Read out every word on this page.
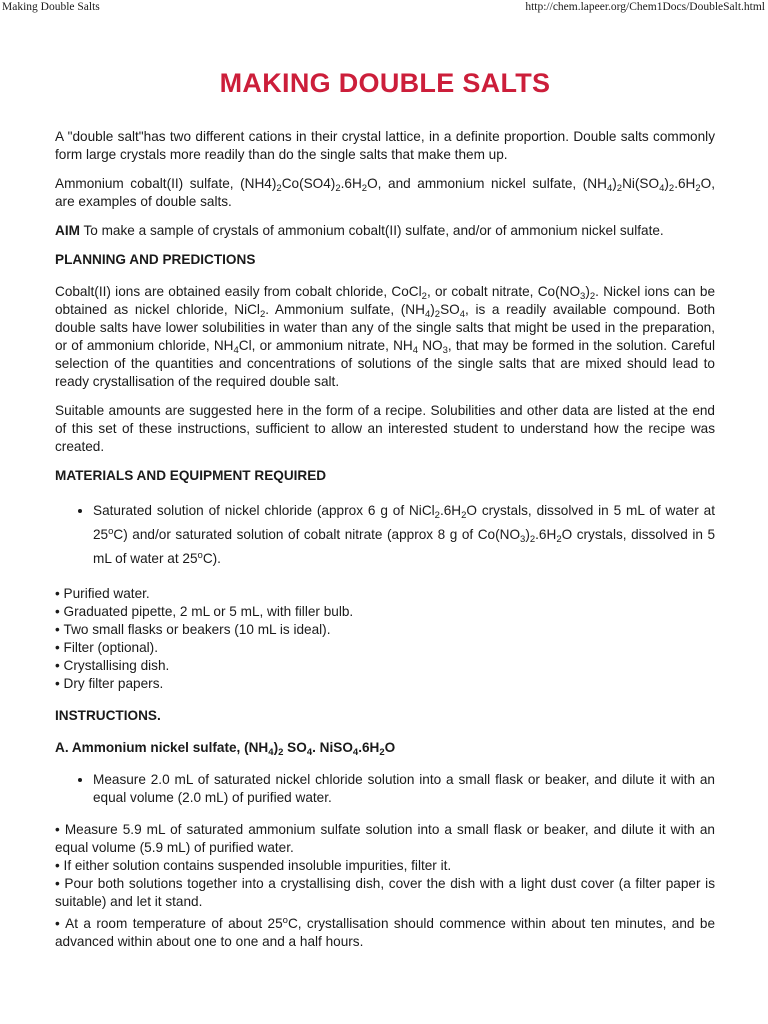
Making Double Salts	http://chem.lapeer.org/Chem1Docs/DoubleSalt.html
MAKING DOUBLE SALTS

A "double salt"has two different cations in their crystal lattice, in a definite proportion. Double salts commonly form large crystals more readily than do the single salts that make them up.

Ammonium cobalt(II) sulfate, $(NH4)_2Co(SO4)_2.6H_2O$, and ammonium nickel sulfate, $(NH_4)_2Ni(SO_4)_2.6H_2O$, are examples of double salts.

AIM To make a sample of crystals of ammonium cobalt(II) sulfate, and/or of ammonium nickel sulfate.

PLANNING AND PREDICTIONS

Cobalt(II) ions are obtained easily from cobalt chloride, CoCl$_2$, or cobalt nitrate, $Co(NO_3)_2$. Nickel ions can be obtained as nickel chloride, NiCl$_2$. Ammonium sulfate, $(NH_4)_2SO_4$, is a readily available compound. Both double salts have lower solubilities in water than any of the single salts that might be used in the preparation, or of ammonium chloride, $NH_4Cl$, or ammonium nitrate, $NH_4$ $NO_3$, that may be formed in the solution. Careful selection of the quantities and concentrations of solutions of the single salts that are mixed should lead to ready crystallisation of the required double salt.

Suitable amounts are suggested here in the form of a recipe. Solubilities and other data are listed at the end of this set of these instructions, sufficient to allow an interested student to understand how the recipe was created.

MATERIALS AND EQUIPMENT REQUIRED
• Saturated solution of nickel chloride (approx 6 g of $NiCl_2.6H_2O$ crystals, dissolved in 5 mL of water at 25$^o$C) and/or saturated solution of cobalt nitrate (approx 8 g of $Co(NO_3)_2.6H_2O$ crystals, dissolved in 5 mL of water at 25$^o$C).

• Purified water.

• Graduated pipette, 2 mL or 5 mL, with filler bulb.

• Two small flasks or beakers (10 mL is ideal).

• Filter (optional).

• Crystallising dish.

• Dry filter papers.

INSTRUCTIONS.
A. Ammonium nickel sulfate, $(NH_4)_2$ $SO_4$. $NiSO_4.6H_2O$
• Measure 2.0 mL of saturated nickel chloride solution into a small flask or beaker, and dilute it with an equal volume (2.0 mL) of purified water.

• Measure 5.9 mL of saturated ammonium sulfate solution into a small flask or beaker, and dilute it with an equal volume (5.9 mL) of purified water.

• If either solution contains suspended insoluble impurities, filter it.

• Pour both solutions together into a crystallising dish, cover the dish with a light dust cover (a filter paper is suitable) and let it stand.

• At a room temperature of about 25$^o$C, crystallisation should commence within about ten minutes, and be advanced within about one to one and a half hours.
